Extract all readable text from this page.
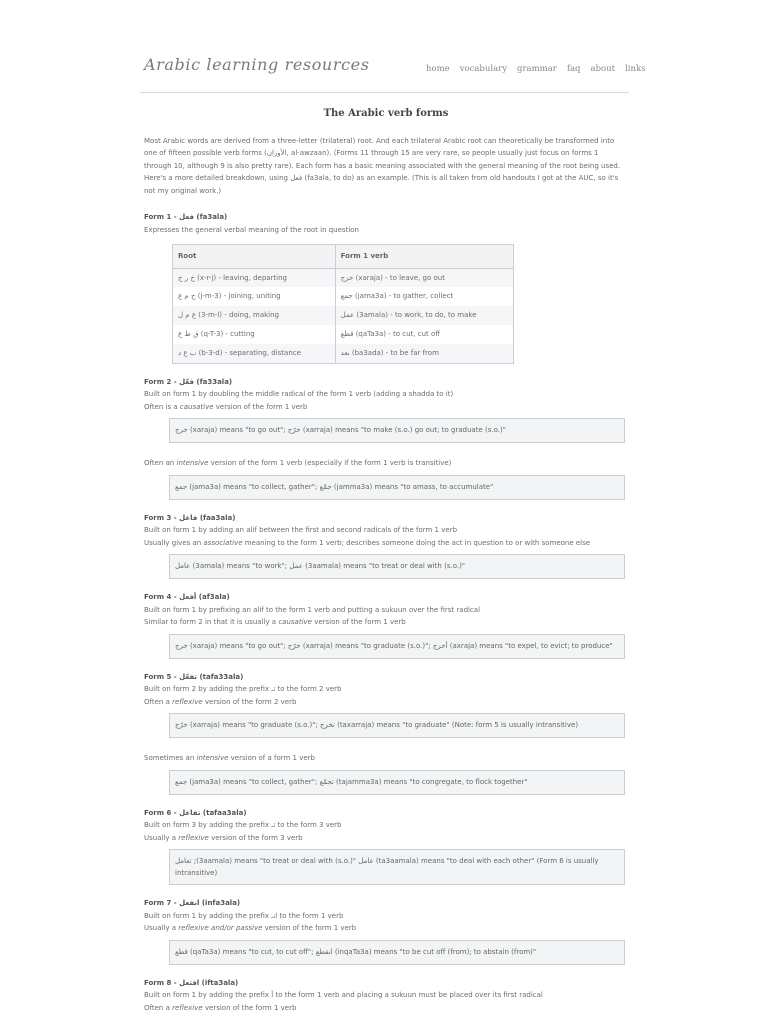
Arabic learning resources	home vocabulary grammar faq about links
The Arabic verb forms
Most Arabic words are derived from a three-letter (trilateral) root. And each trilateral Arabic root can theoretically be transformed into one of fifteen possible verb forms (الأوزان, al-awzaan). (Forms 11 through 15 are very rare, so people usually just focus on forms 1 through 10, although 9 is also pretty rare). Each form has a basic meaning associated with the general meaning of the root being used. Here's a more detailed breakdown, using فعل (fa3ala, to do) as an example. (This is all taken from old handouts I got at the AUC, so it's not my original work.)
Form 1 - فعل (fa3ala)
Expresses the general verbal meaning of the root in question
Root	Form 1 verb
خ ر ج (x-r-j) - leaving, departing	خرج (xaraja) - to leave, go out
ج م ع (j-m-3) - joining, uniting	جمع (jama3a) - to gather, collect
ع م ل (3-m-l) - doing, making	عمل (3amala) - to work, to do, to make
ق ط ع (q-T-3) - cutting	قطع (qaTa3a) - to cut, cut off
ب ع د (b-3-d) - separating, distance	بعد (ba3ada) - to be far from
Form 2 - فعّل (fa33ala)
Built on form 1 by doubling the middle radical of the form 1 verb (adding a shadda to it)
Often is a causative version of the form 1 verb
خرج (xaraja) means "to go out"; خرّج (xarraja) means "to make (s.o.) go out; to graduate (s.o.)"
Often an intensive version of the form 1 verb (especially if the form 1 verb is transitive)
جمع (jama3a) means "to collect, gather"; جمّع (jamma3a) means "to amass, to accumulate"
Form 3 - فاعل (faa3ala)
Built on form 1 by adding an alif between the first and second radicals of the form 1 verb
Usually gives an associative meaning to the form 1 verb; describes someone doing the act in question to or with someone else
عامل (3amala) means "to work"; عمل (3aamala) means "to treat or deal with (s.o.)"
Form 4 - أفعل (af3ala)
Built on form 1 by prefixing an alif to the form 1 verb and putting a sukuun over the first radical
Similar to form 2 in that it is usually a causative version of the form 1 verb
خرج (xaraja) means "to go out"; خرّج (xarraja) means "to graduate (s.o.)"; أخرج (axraja) means "to expel, to evict; to produce"
Form 5 - تفعّل (tafa33ala)
Built on form 2 by adding the prefix تـ to the form 2 verb
Often a reflexive version of the form 2 verb
خرّج (xarraja) means "to graduate (s.o.)"; تخرج (taxarraja) means "to graduate" (Note: form 5 is usually intransitive)
Sometimes an intensive version of a form 1 verb
جمع (jama3a) means "to collect, gather"; تجمّع (tajamma3a) means "to congregate, to flock together"
Form 6 - تفاعل (tafaa3ala)
Built on form 3 by adding the prefix تـ to the form 3 verb
Usually a reflexive version of the form 3 verb
تعامل ;(3aamala) means "to treat or deal with (s.o.)" عامل (ta3aamala) means "to deal with each other" (Form 6 is usually intransitive)
Form 7 - انفعل (infa3ala)
Built on form 1 by adding the prefix انـ to the form 1 verb
Usually a reflexive and/or passive version of the form 1 verb
قطع (qaTa3a) means "to cut, to cut off"; انقطع (inqaTa3a) means "to be cut off (from); to abstain (from)"
Form 8 - افتعل (ifta3ala)
Built on form 1 by adding the prefix أ to the form 1 verb and placing a sukuun must be placed over its first radical
Often a reflexive version of the form 1 verb
